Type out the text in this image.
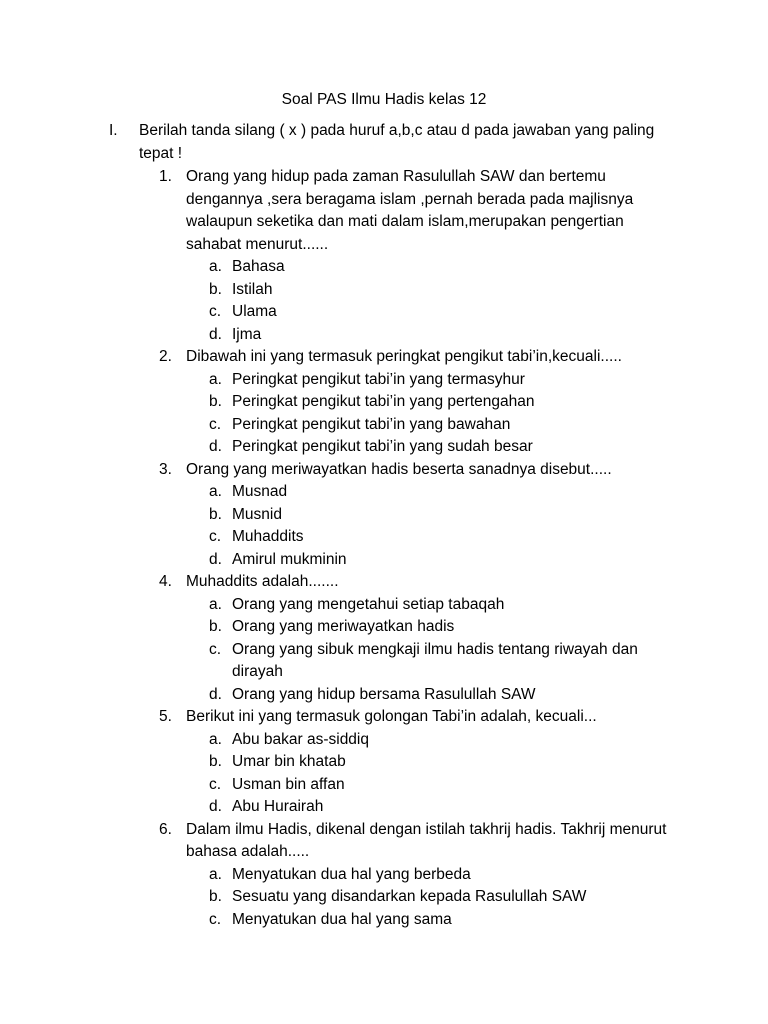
Soal PAS Ilmu Hadis kelas 12
I. Berilah tanda silang ( x ) pada huruf a,b,c atau d pada jawaban yang paling tepat !
1. Orang yang hidup pada zaman Rasulullah SAW dan bertemu dengannya ,sera beragama islam ,pernah berada pada majlisnya walaupun seketika dan mati dalam islam,merupakan pengertian sahabat menurut......
a. Bahasa
b. Istilah
c. Ulama
d. Ijma
2. Dibawah ini yang termasuk peringkat pengikut tabi’in,kecuali.....
a. Peringkat pengikut tabi’in yang termasyhur
b. Peringkat pengikut tabi’in yang pertengahan
c. Peringkat pengikut tabi’in yang bawahan
d. Peringkat pengikut tabi’in yang sudah besar
3. Orang yang meriwayatkan hadis beserta sanadnya disebut.....
a. Musnad
b. Musnid
c. Muhaddits
d. Amirul mukminin
4. Muhaddits adalah.......
a. Orang yang mengetahui setiap tabaqah
b. Orang yang meriwayatkan hadis
c. Orang yang sibuk mengkaji ilmu hadis tentang riwayah dan dirayah
d. Orang yang hidup bersama Rasulullah SAW
5. Berikut ini yang termasuk golongan Tabi’in adalah, kecuali...
a. Abu bakar as-siddiq
b. Umar bin khatab
c. Usman bin affan
d. Abu Hurairah
6. Dalam ilmu Hadis, dikenal dengan istilah takhrij hadis. Takhrij menurut bahasa adalah.....
a. Menyatukan dua hal yang berbeda
b. Sesuatu yang disandarkan kepada Rasulullah SAW
c. Menyatukan dua hal yang sama
